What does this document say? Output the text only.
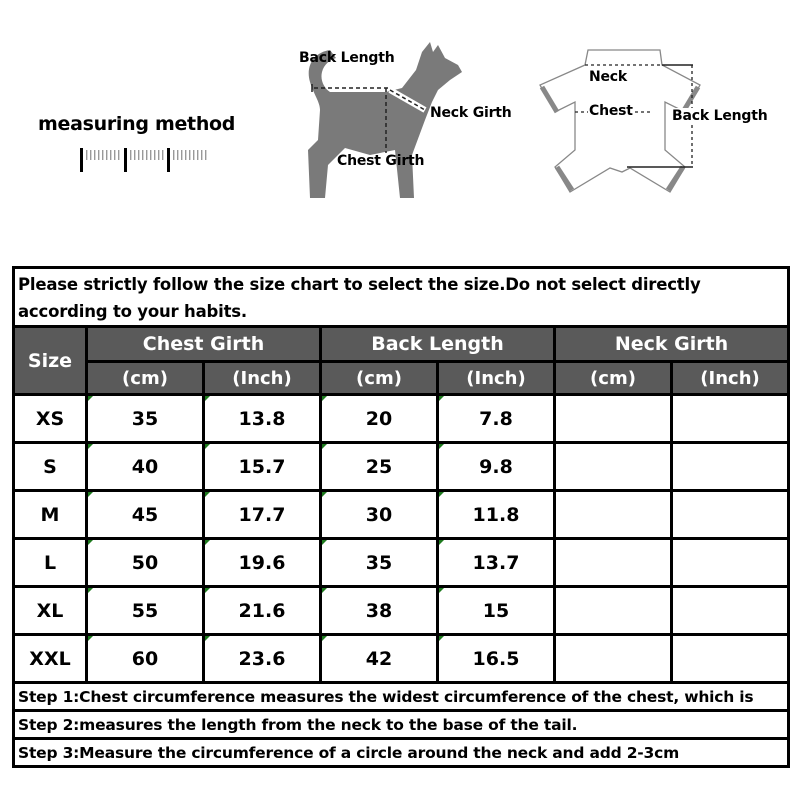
measuring method
Back Length
Neck Girth
Chest Girth
Neck
Chest	Back Length
Please strictly follow the size chart to select the size.Do not select directly according to your habits.						
Size	Chest Girth		Back Length		Neck Girth	
	(cm)	(Inch)	(cm)	(Inch)	(cm)	(Inch)
XS	35	13.8	20	7.8		
S	40	15.7	25	9.8		
M	45	17.7	30	11.8		
L	50	19.6	35	13.7		
XL	55	21.6	38	15		
XXL	60	23.6	42	16.5		
Step 1:Chest circumference measures the widest circumference of the chest, which is						
Step 2:measures the length from the neck to the base of the tail.						
Step 3:Measure the circumference of a circle around the neck and add 2-3cm						
